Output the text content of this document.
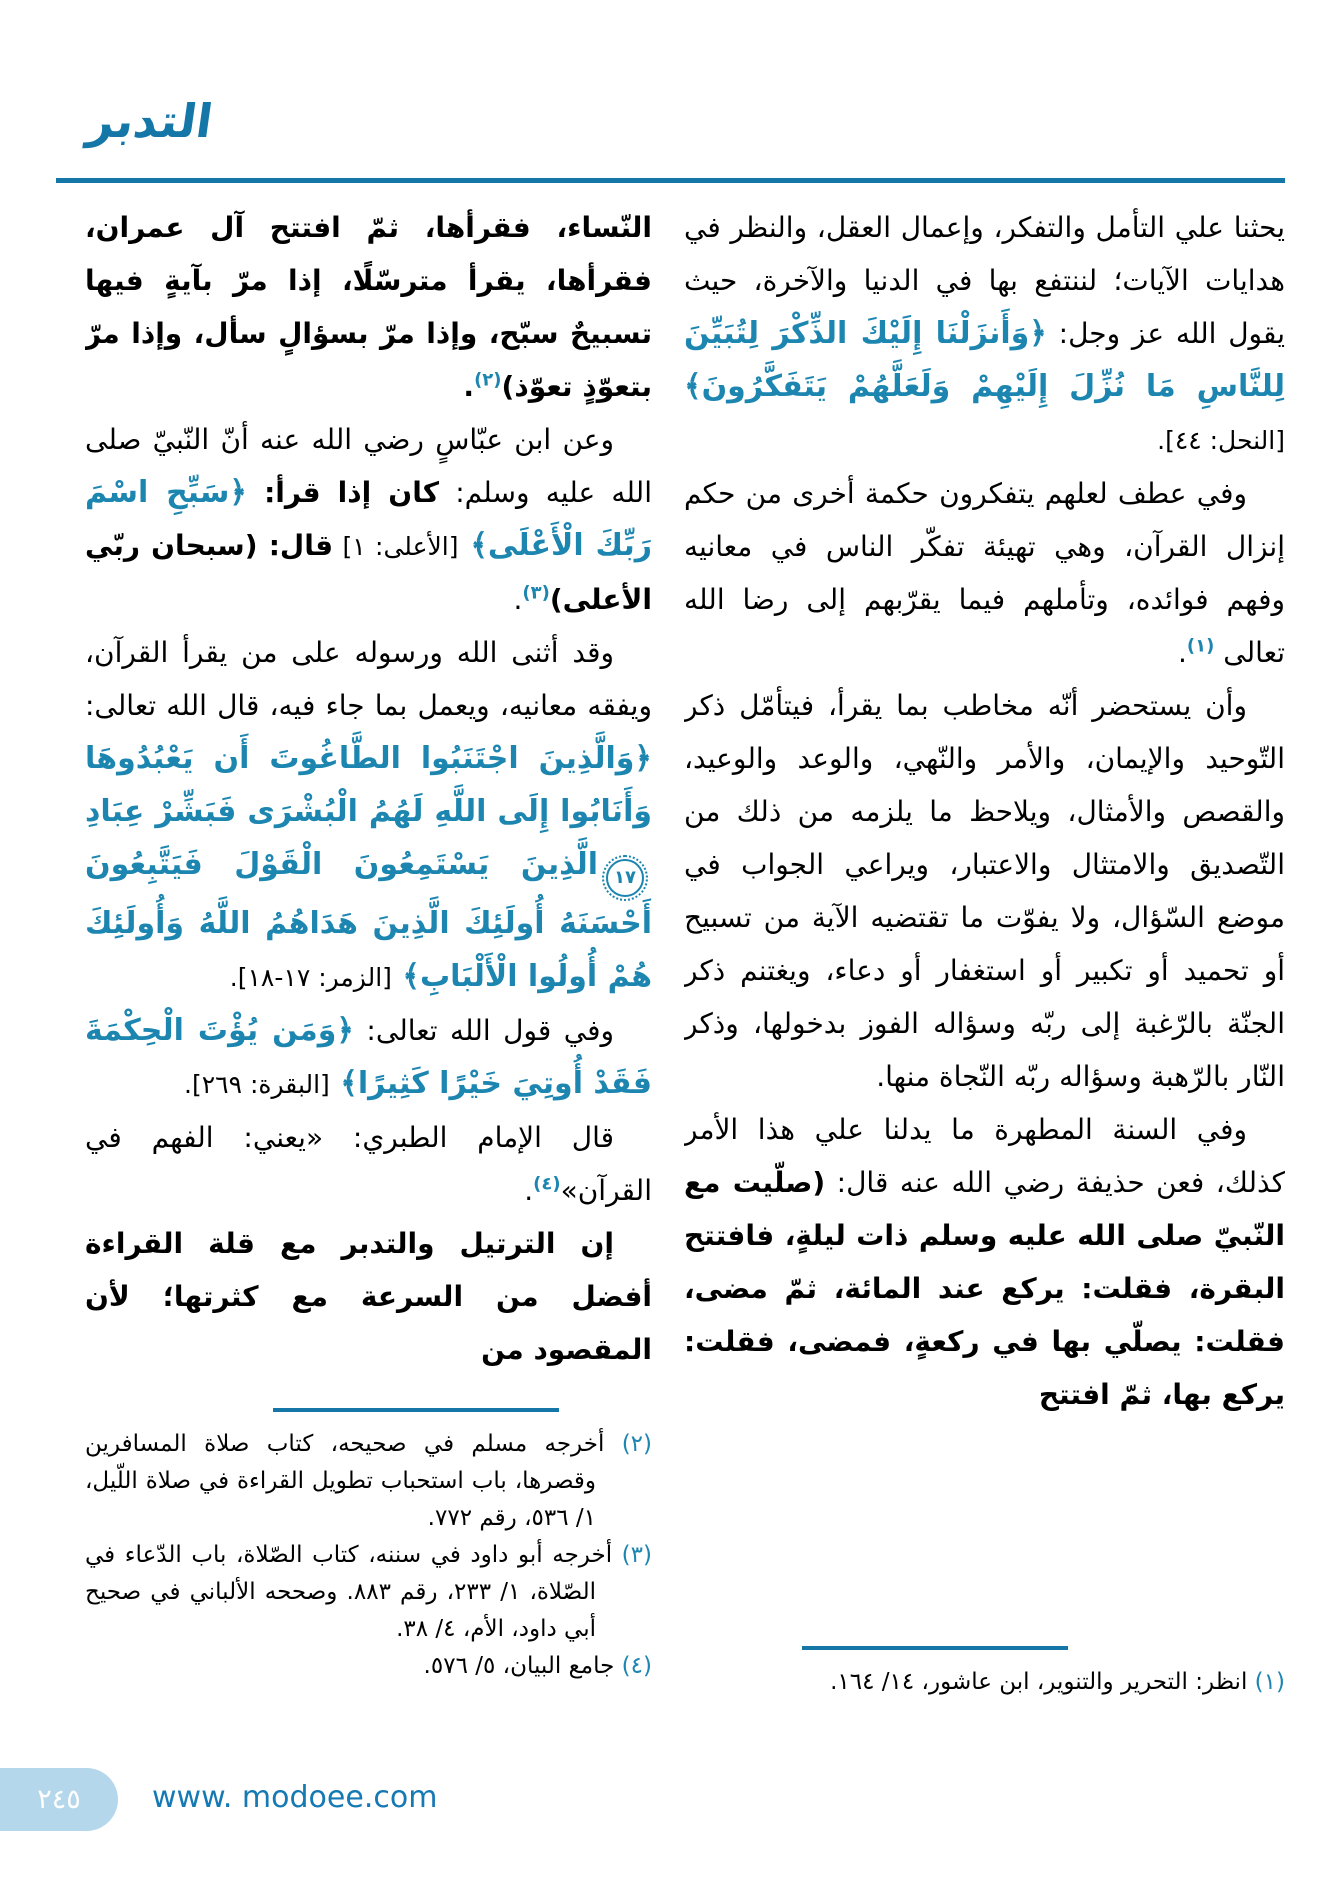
التدبر

يحثنا علي التأمل والتفكر، وإعمال العقل، والنظر في هدايات الآيات؛ لننتفع بها في الدنيا والآخرة، حيث يقول الله عز وجل: ﴿وَأَنزَلْنَا إِلَيْكَ الذِّكْرَ لِتُبَيِّنَ لِلنَّاسِ مَا نُزِّلَ إِلَيْهِمْ وَلَعَلَّهُمْ يَتَفَكَّرُونَ﴾ [النحل: ٤٤].

وفي عطف لعلهم يتفكرون حكمة أخرى من حكم إنزال القرآن، وهي تهيئة تفكّر الناس في معانيه وفهم فوائده، وتأملهم فيما يقرّبهم إلى رضا الله تعالى $^{(١)}$.

وأن يستحضر أنّه مخاطب بما يقرأ، فيتأمّل ذكر التّوحيد والإيمان، والأمر والنّهي، والوعد والوعيد، والقصص والأمثال، ويلاحظ ما يلزمه من ذلك من التّصديق والامتثال والاعتبار، ويراعي الجواب في موضع السّؤال، ولا يفوّت ما تقتضيه الآية من تسبيح أو تحميد أو تكبير أو استغفار أو دعاء، ويغتنم ذكر الجنّة بالرّغبة إلى ربّه وسؤاله الفوز بدخولها، وذكر النّار بالرّهبة وسؤاله ربّه النّجاة منها.

وفي السنة المطهرة ما يدلنا علي هذا الأمر كذلك، فعن حذيفة رضي الله عنه قال: (صلّيت مع النّبيّ صلى الله عليه وسلم ذات ليلةٍ، فافتتح البقرة، فقلت: يركع عند المائة، ثمّ مضى، فقلت: يصلّي بها في ركعةٍ، فمضى، فقلت: يركع بها، ثمّ افتتح

النّساء، فقرأها، ثمّ افتتح آل عمران، فقرأها، يقرأ مترسّلًا، إذا مرّ بآيةٍ فيها تسبيحٌ سبّح، وإذا مرّ بسؤالٍ سأل، وإذا مرّ بتعوّذٍ تعوّذ)$^{(٢)}$.

وعن ابن عبّاسٍ رضي الله عنه أنّ النّبيّ صلى الله عليه وسلم: كان إذا قرأ: ﴿سَبِّحِ اسْمَ رَبِّكَ الْأَعْلَى﴾ [الأعلى: ١] قال: (سبحان ربّي الأعلى)$^{(٣)}$.

وقد أثنى الله ورسوله على من يقرأ القرآن، ويفقه معانيه، ويعمل بما جاء فيه، قال الله تعالى: ﴿وَالَّذِينَ اجْتَنَبُوا الطَّاغُوتَ أَن يَعْبُدُوهَا وَأَنَابُوا إِلَى اللَّهِ لَهُمُ الْبُشْرَى فَبَشِّرْ عِبَادِ١٧الَّذِينَ يَسْتَمِعُونَ الْقَوْلَ فَيَتَّبِعُونَ أَحْسَنَهُ أُولَئِكَ الَّذِينَ هَدَاهُمُ اللَّهُ وَأُولَئِكَ هُمْ أُولُوا الْأَلْبَابِ﴾ [الزمر: ١٧-١٨].

وفي قول الله تعالى: ﴿وَمَن يُؤْتَ الْحِكْمَةَ فَقَدْ أُوتِيَ خَيْرًا كَثِيرًا﴾ [البقرة: ٢٦٩].

قال الإمام الطبري: «يعني: الفهم في القرآن»$^{(٤)}$.

إن الترتيل والتدبر مع قلة القراءة أفضل من السرعة مع كثرتها؛ لأن المقصود من

(١) انظر: التحرير والتنوير، ابن عاشور، ١٤/ ١٦٤.

(٢) أخرجه مسلم في صحيحه، كتاب صلاة المسافرين وقصرها، باب استحباب تطويل القراءة في صلاة اللّيل، ١/ ٥٣٦، رقم ٧٧٢.

(٣) أخرجه أبو داود في سننه، كتاب الصّلاة، باب الدّعاء في الصّلاة، ١/ ٢٣٣، رقم ٨٨٣. وصححه الألباني في صحيح أبي داود، الأم، ٤/ ٣٨.

(٤) جامع البيان، ٥/ ٥٧٦.

٢٤٥ www. modoee.com
